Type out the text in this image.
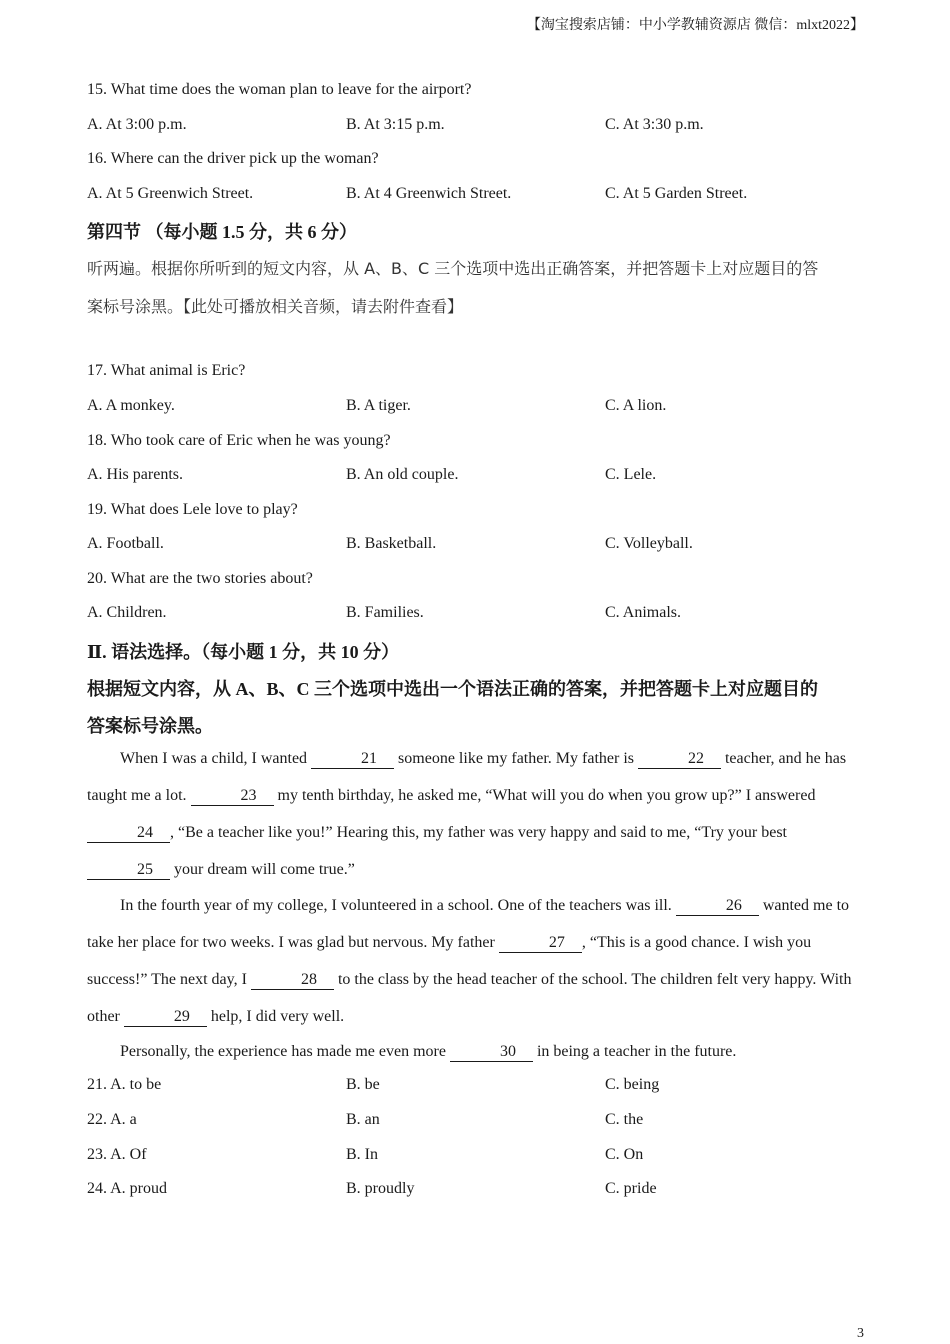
【淘宝搜索店铺：中小学教辅资源店 微信：mlxt2022】
15. What time does the woman plan to leave for the airport?
A. At 3:00 p.m.	B. At 3:15 p.m.	C. At 3:30 p.m.
16. Where can the driver pick up the woman?
A. At 5 Greenwich Street.	B. At 4 Greenwich Street.	C. At 5 Garden Street.
第四节 （每小题 1.5 分，共 6 分）
听两遍。根据你所听到的短文内容，从 A、B、C 三个选项中选出正确答案，并把答题卡上对应题目的答
案标号涂黑。【此处可播放相关音频，请去附件查看】
17. What animal is Eric?
A. A monkey.	B. A tiger.	C. A lion.
18. Who took care of Eric when he was young?
A. His parents.	B. An old couple.	C. Lele.
19. What does Lele love to play?
A. Football.	B. Basketball.	C. Volleyball.
20. What are the two stories about?
A. Children.	B. Families.	C. Animals.
Ⅱ. 语法选择。（每小题 1 分，共 10 分）
根据短文内容，从 A、B、C 三个选项中选出一个语法正确的答案，并把答题卡上对应题目的
答案标号涂黑。
When I was a child, I wanted	21 someone like my father. My father is	22 teacher, and he has taught me a lot.	23 my tenth birthday, he asked me, “What will you do when you grow up?” I answered 24 , “Be a teacher like you!” Hearing this, my father was very happy and said to me, “Try your best 25 your dream will come true.”
In the fourth year of my college, I volunteered in a school. One of the teachers was ill.	26 wanted me to take her place for two weeks. I was glad but nervous. My father	27 , “This is a good chance. I wish you success!” The next day, I	28 to the class by the head teacher of the school. The children felt very happy. With other	29 help, I did very well.
Personally, the experience has made me even more	30 in being a teacher in the future.
21. A. to be	B. be	C. being
22. A. a	B. an	C. the
23. A. Of	B. In	C. On
24. A. proud	B. proudly	C. pride
3
